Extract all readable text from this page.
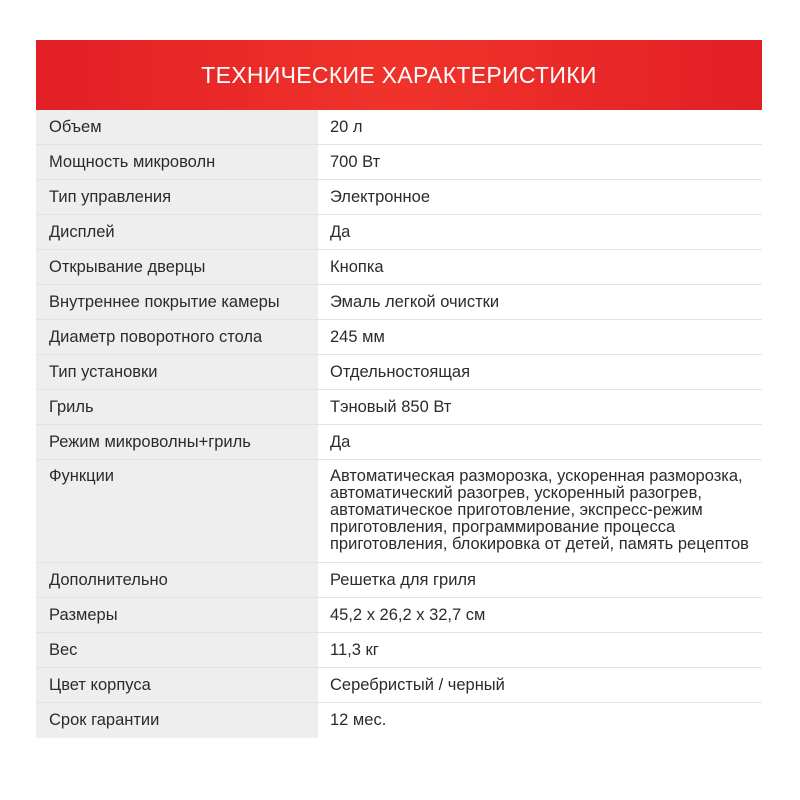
ТЕХНИЧЕСКИЕ ХАРАКТЕРИСТИКИ
Объем	20 л
Мощность микроволн	700 Вт
Тип управления	Электронное
Дисплей	Да
Открывание дверцы	Кнопка
Внутреннее покрытие камеры	Эмаль легкой очистки
Диаметр поворотного стола	245 мм
Тип установки	Отдельностоящая
Гриль	Тэновый 850 Вт
Режим микроволны+гриль	Да
Функции	Автоматическая разморозка, ускоренная разморозка, автоматический разогрев, ускоренный разогрев, автоматическое приготовление, экспресс-режим приготовления, программирование процесса приготовления, блокировка от детей, память рецептов
Дополнительно	Решетка для гриля
Размеры	45,2 х 26,2 х 32,7 см
Вес	11,3 кг
Цвет корпуса	Серебристый / черный
Срок гарантии	12 мес.
